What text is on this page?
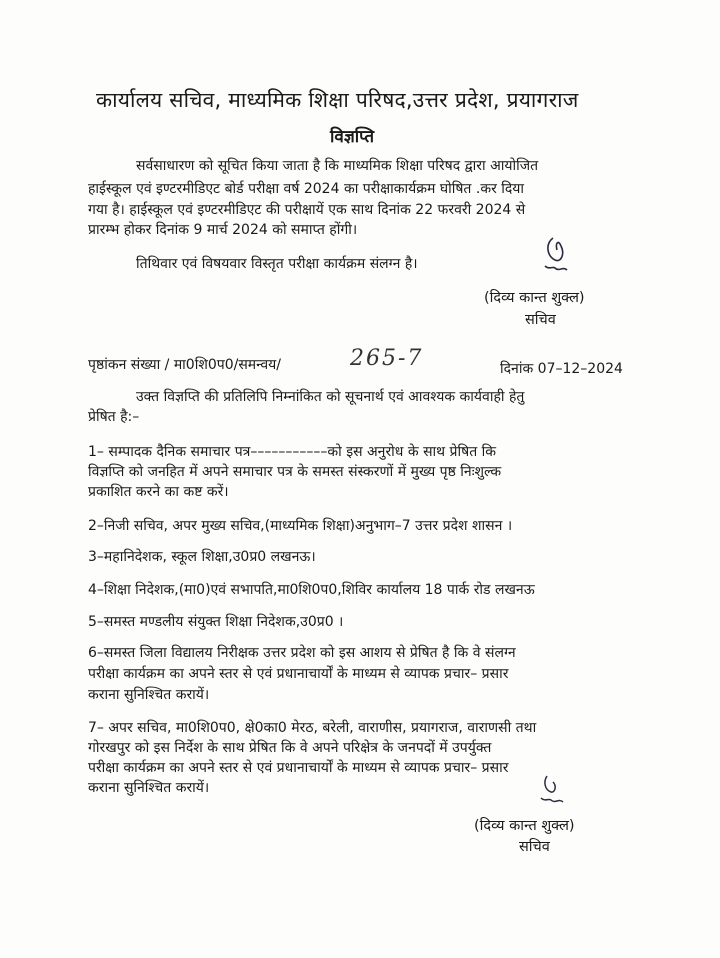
कार्यालय सचिव, माध्यमिक शिक्षा परिषद,उत्तर प्रदेश, प्रयागराज
विज्ञप्ति
सर्वसाधारण को सूचित किया जाता है कि माध्यमिक शिक्षा परिषद द्वारा आयोजित
हाईस्कूल एवं इण्टरमीडिएट बोर्ड परीक्षा वर्ष 2024 का परीक्षाकार्यक्रम घोषित .कर दिया
गया है। हाईस्कूल एवं इण्टरमीडिएट की परीक्षायें एक साथ दिनांक 22 फरवरी 2024 से
प्रारम्भ होकर दिनांक 9 मार्च 2024 को समाप्त होंगी।
तिथिवार एवं विषयवार विस्तृत परीक्षा कार्यक्रम संलग्न है।
(दिव्य कान्त शुक्ल)
सचिव
पृष्ठांकन संख्या / मा0शि0प0/समन्वय/	265-7	दिनांक 07–12–2024
उक्त विज्ञप्ति की प्रतिलिपि निम्नांकित को सूचनार्थ एवं आवश्यक कार्यवाही हेतु
प्रेषित है:–
1– सम्पादक दैनिक समाचार पत्र–––––––––––को इस अनुरोध के साथ प्रेषित कि
विज्ञप्ति को जनहित में अपने समाचार पत्र के समस्त संस्करणों में मुख्य पृष्ठ निःशुल्क
प्रकाशित करने का कष्ट करें।
2–निजी सचिव, अपर मुख्य सचिव,(माध्यमिक शिक्षा)अनुभाग–7 उत्तर प्रदेश शासन ।
3–महानिदेशक, स्कूल शिक्षा,उ0प्र0 लखनऊ।
4–शिक्षा निदेशक,(मा0)एवं सभापति,मा0शि0प0,शिविर कार्यालय 18 पार्क रोड लखनऊ
5–समस्त मण्डलीय संयुक्त शिक्षा निदेशक,उ0प्र0 ।
6–समस्त जिला विद्यालय निरीक्षक उत्तर प्रदेश को इस आशय से प्रेषित है कि वे संलग्न
परीक्षा कार्यक्रम का अपने स्तर से एवं प्रधानाचार्यों के माध्यम से व्यापक प्रचार– प्रसार
कराना सुनिश्चित करायें।
7– अपर सचिव, मा0शि0प0, क्षे0का0 मेरठ, बरेली, वाराणीस, प्रयागराज, वाराणसी तथा
गोरखपुर को इस निर्देश के साथ प्रेषित कि वे अपने परिक्षेत्र के जनपदों में उपर्युक्त
परीक्षा कार्यक्रम का अपने स्तर से एवं प्रधानाचार्यों के माध्यम से व्यापक प्रचार– प्रसार
कराना सुनिश्चित करायें।
(दिव्य कान्त शुक्ल)
सचिव
